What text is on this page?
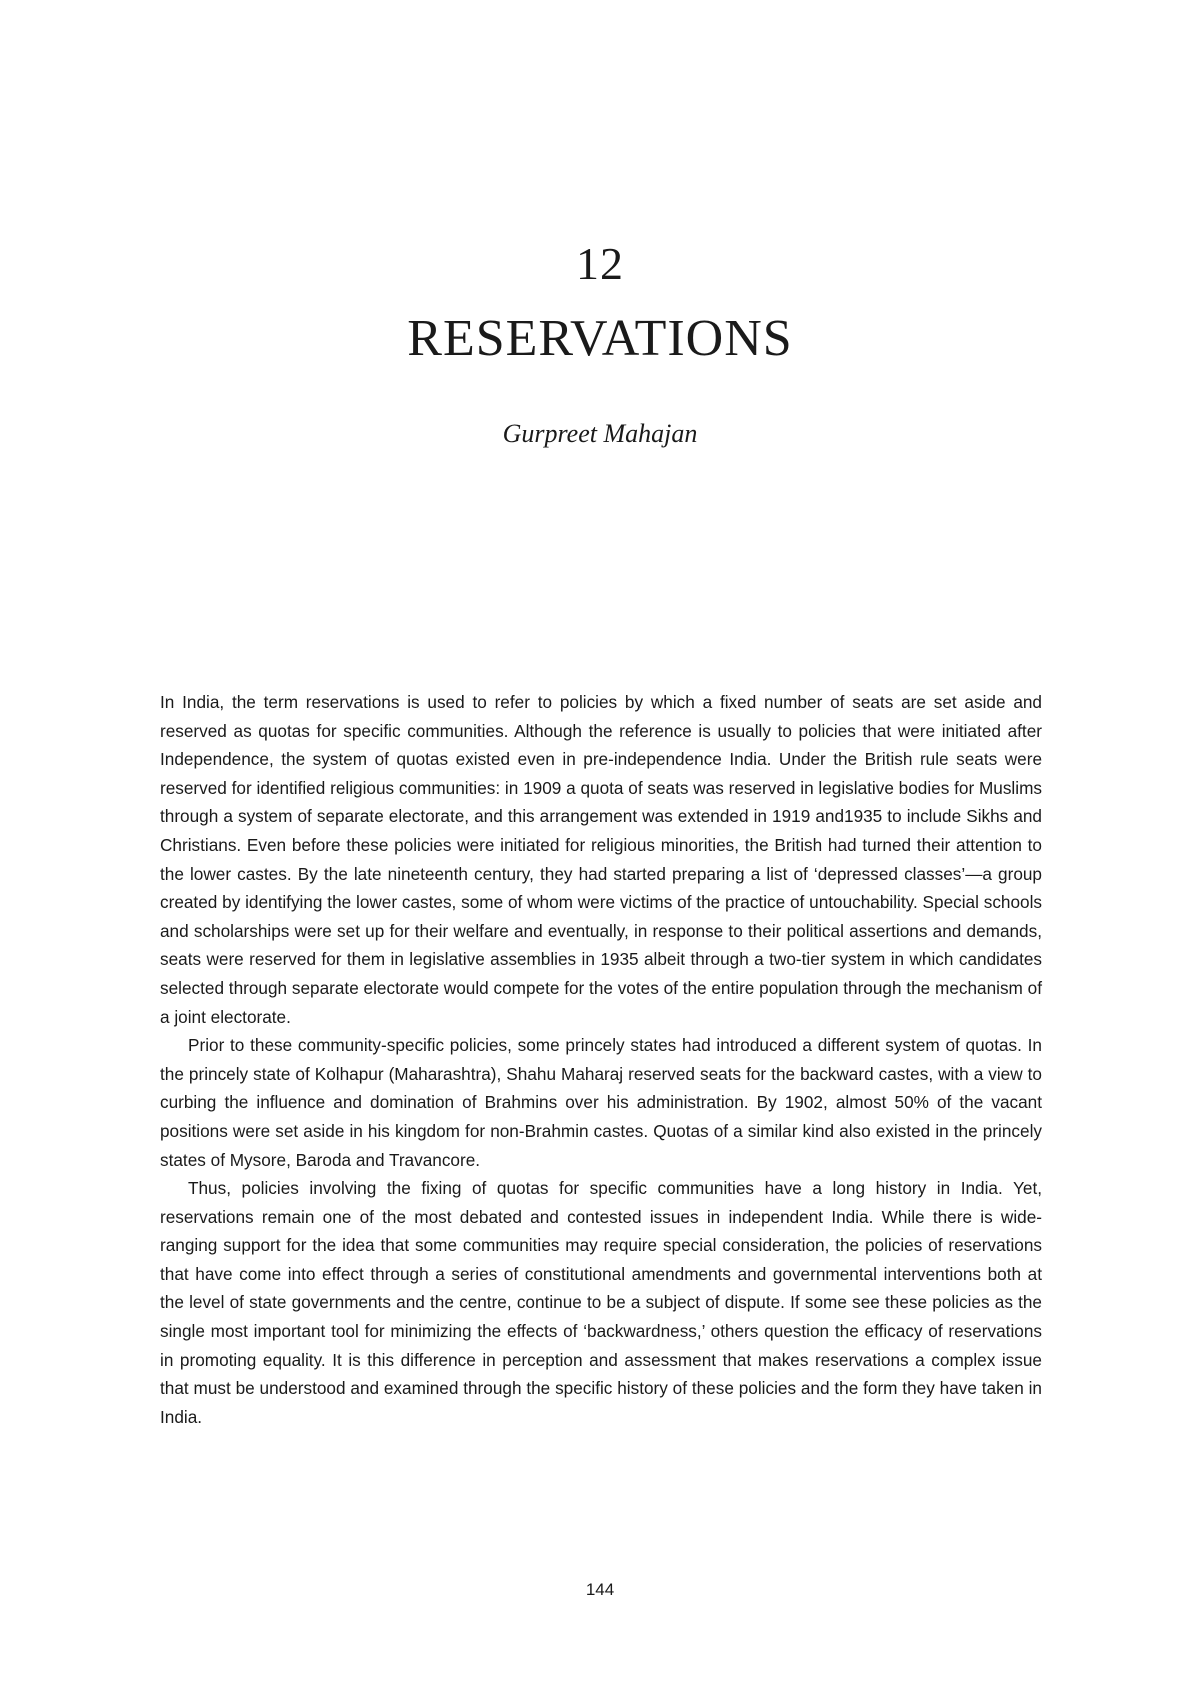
12
RESERVATIONS
Gurpreet Mahajan

In India, the term reservations is used to refer to policies by which a fixed number of seats are set aside and reserved as quotas for specific communities. Although the reference is usually to policies that were initiated after Independence, the system of quotas existed even in pre-independence India. Under the British rule seats were reserved for identified religious communities: in 1909 a quota of seats was reserved in legislative bodies for Muslims through a system of separate electorate, and this arrangement was extended in 1919 and1935 to include Sikhs and Christians. Even before these policies were initiated for religious minorities, the British had turned their attention to the lower castes. By the late nineteenth century, they had started preparing a list of ‘depressed classes’—a group created by identifying the lower castes, some of whom were victims of the practice of untouchability. Special schools and scholarships were set up for their welfare and eventually, in response to their political assertions and demands, seats were reserved for them in legislative assemblies in 1935 albeit through a two-tier system in which candidates selected through separate electorate would compete for the votes of the entire population through the mechanism of a joint electorate.

Prior to these community-specific policies, some princely states had introduced a different system of quotas. In the princely state of Kolhapur (Maharashtra), Shahu Maharaj reserved seats for the backward castes, with a view to curbing the influence and domination of Brahmins over his administration. By 1902, almost 50% of the vacant positions were set aside in his kingdom for non-Brahmin castes. Quotas of a similar kind also existed in the princely states of Mysore, Baroda and Travancore.

Thus, policies involving the fixing of quotas for specific communities have a long history in India. Yet, reservations remain one of the most debated and contested issues in independent India. While there is wide-ranging support for the idea that some communities may require special consideration, the policies of reservations that have come into effect through a series of constitutional amendments and governmental interventions both at the level of state governments and the centre, continue to be a subject of dispute. If some see these policies as the single most important tool for minimizing the effects of ‘backwardness,’ others question the efficacy of reservations in promoting equality. It is this difference in perception and assessment that makes reservations a complex issue that must be understood and examined through the specific history of these policies and the form they have taken in India.

144
